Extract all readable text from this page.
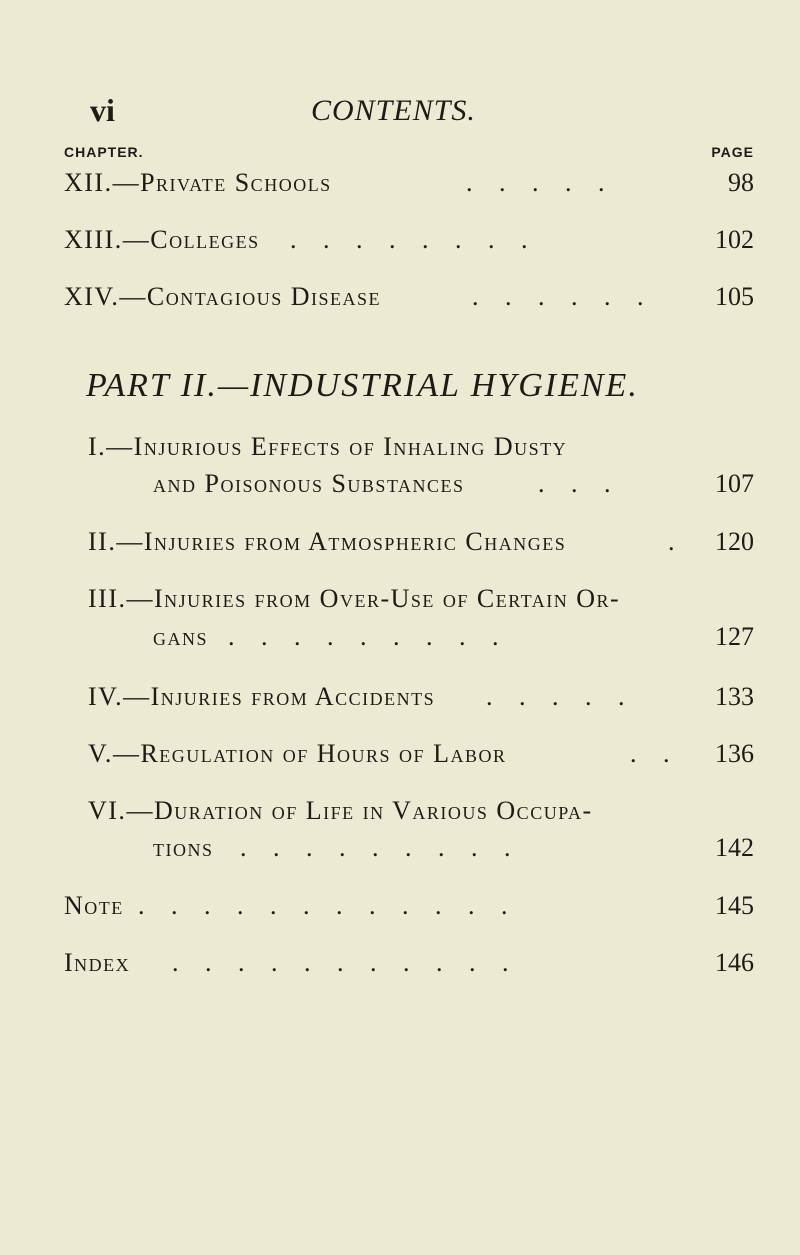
vi	CONTENTS.
CHAPTER.	PAGE
XII.—Private Schools	. . . . .	98
XIII.—Colleges . . . . . . . .	102
XIV.—Contagious Disease	. . . . . . 105
PART II.—INDUSTRIAL HYGIENE.
I.—Injurious Effects of Inhaling Dusty
and Poisonous Substances	. . .	107
II.—Injuries from Atmospheric Changes	. 120
III.—Injuries from Over-Use of Certain Or-
gans . . . . . . . . .	127
IV.—Injuries from Accidents . . . . .	133
V.—Regulation of Hours of Labor	. . 136
VI.—Duration of Life in Various Occupa-
tions . . . . . . . . .	142
Note . . . . . . . . . . . .	145
Index . . . . . . . . . . .	146
